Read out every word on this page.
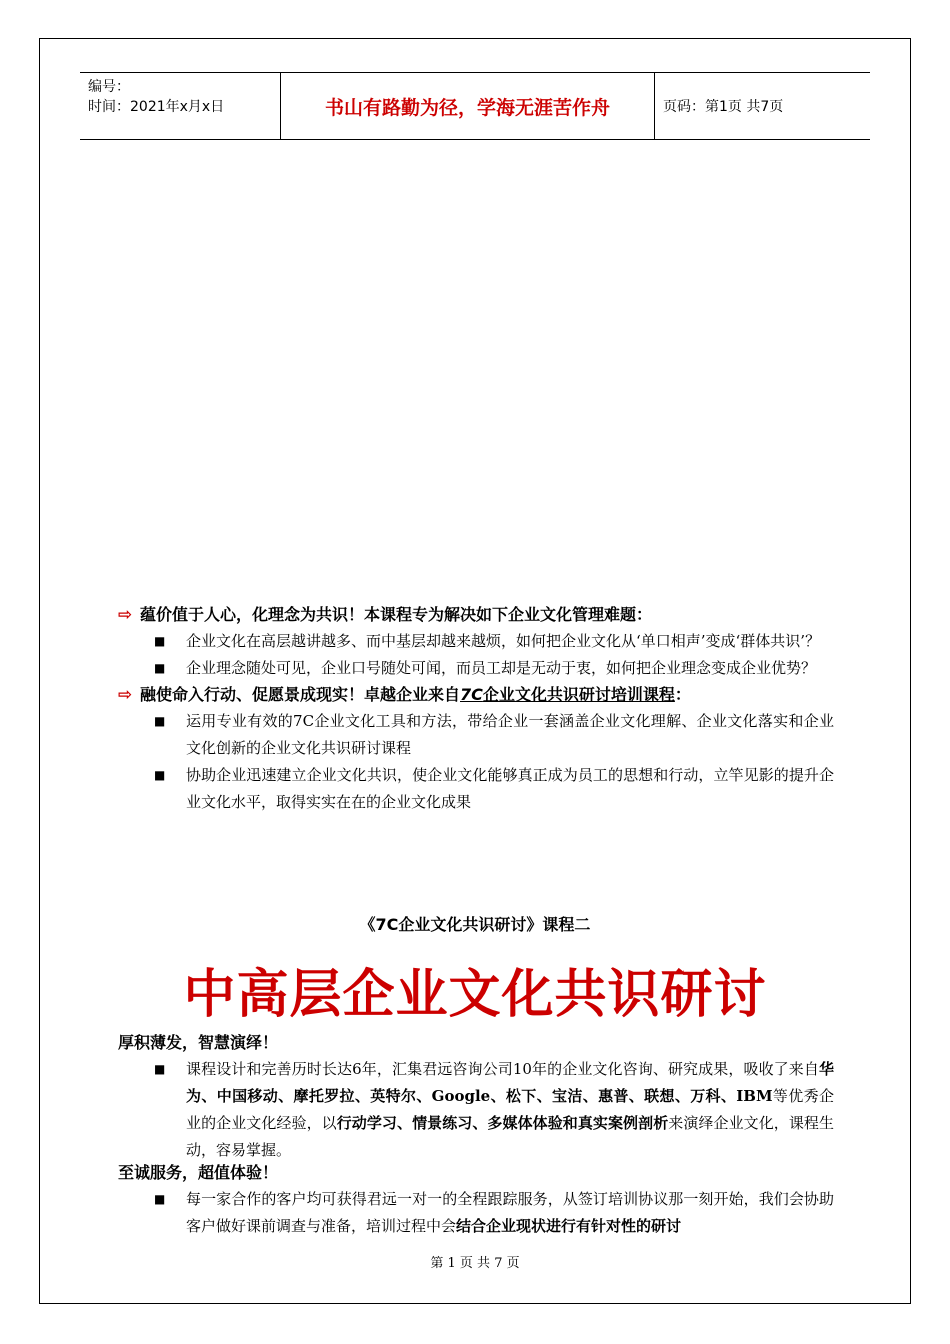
编号：
时间：2021年x月x日	书山有路勤为径，学海无涯苦作舟	页码：第1页 共7页
⇨ 蕴价值于人心，化理念为共识！本课程专为解决如下企业文化管理难题：
■	企业文化在高层越讲越多、而中基层却越来越烦，如何把企业文化从‘单口相声’变成‘群体共识’？
■	企业理念随处可见，企业口号随处可闻，而员工却是无动于衷，如何把企业理念变成企业优势？
⇨ 融使命入行动、促愿景成现实！卓越企业来自7C企业文化共识研讨培训课程：
■	运用专业有效的7C企业文化工具和方法，带给企业一套涵盖企业文化理解、企业文化落实和企业文化创新的企业文化共识研讨课程
■	协助企业迅速建立企业文化共识，使企业文化能够真正成为员工的思想和行动，立竿见影的提升企业文化水平，取得实实在在的企业文化成果
《7C企业文化共识研讨》课程二
中高层企业文化共识研讨
厚积薄发，智慧演绎！
■	课程设计和完善历时长达6年，汇集君远咨询公司10年的企业文化咨询、研究成果，吸收了来自华为、中国移动、摩托罗拉、英特尔、Google、松下、宝洁、惠普、联想、万科、IBM等优秀企业的企业文化经验，以行动学习、情景练习、多媒体体验和真实案例剖析来演绎企业文化，课程生动，容易掌握。
至诚服务，超值体验！
■	每一家合作的客户均可获得君远一对一的全程跟踪服务，从签订培训协议那一刻开始，我们会协助客户做好课前调查与准备，培训过程中会结合企业现状进行有针对性的研讨
第 1 页 共 7 页
